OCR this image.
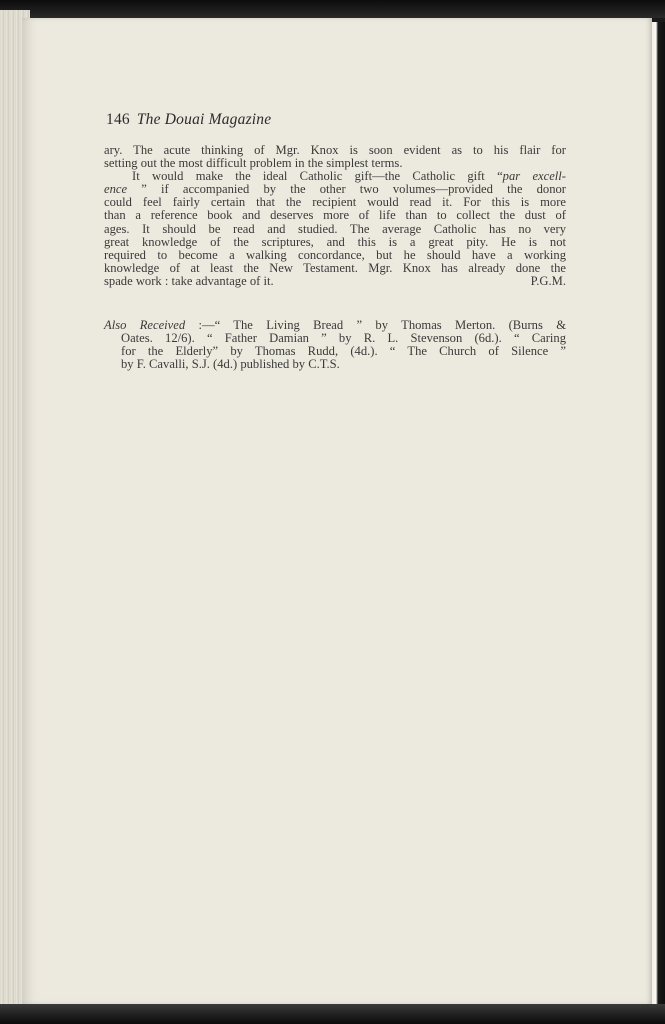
146 The Douai Magazine
ary. The acute thinking of Mgr. Knox is soon evident as to his flair for
setting out the most difficult problem in the simplest terms.
It would make the ideal Catholic gift—the Catholic gift “par excell-
ence ” if accompanied by the other two volumes—provided the donor
could feel fairly certain that the recipient would read it. For this is more
than a reference book and deserves more of life than to collect the dust of
ages. It should be read and studied. The average Catholic has no very
great knowledge of the scriptures, and this is a great pity. He is not
required to become a walking concordance, but he should have a working
knowledge of at least the New Testament. Mgr. Knox has already done the
spade work : take advantage of it.	P.G.M.
Also Received :—“ The Living Bread ” by Thomas Merton. (Burns &
Oates. 12/6). “ Father Damian ” by R. L. Stevenson (6d.). “ Caring
for the Elderly” by Thomas Rudd, (4d.). “ The Church of Silence ”
by F. Cavalli, S.J. (4d.) published by C.T.S.
